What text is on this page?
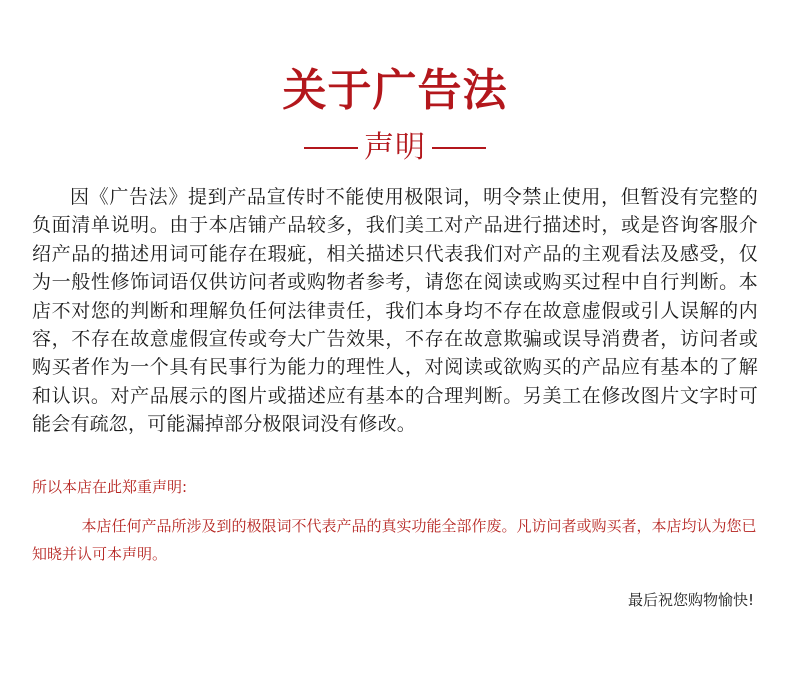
关于广告法
声明

因《广告法》提到产品宣传时不能使用极限词，明令禁止使用，但暂没有完整的负面清单说明。由于本店铺产品较多，我们美工对产品进行描述时，或是咨询客服介绍产品的描述用词可能存在瑕疵，相关描述只代表我们对产品的主观看法及感受，仅为一般性修饰词语仅供访问者或购物者参考，请您在阅读或购买过程中自行判断。本店不对您的判断和理解负任何法律责任，我们本身均不存在故意虚假或引人误解的内容，不存在故意虚假宣传或夸大广告效果，不存在故意欺骗或误导消费者，访问者或购买者作为一个具有民事行为能力的理性人，对阅读或欲购买的产品应有基本的了解和认识。对产品展示的图片或描述应有基本的合理判断。另美工在修改图片文字时可能会有疏忽，可能漏掉部分极限词没有修改。

所以本店在此郑重声明:

本店任何产品所涉及到的极限词不代表产品的真实功能全部作废。凡访问者或购买者，本店均认为您已知晓并认可本声明。

最后祝您购物愉快!
